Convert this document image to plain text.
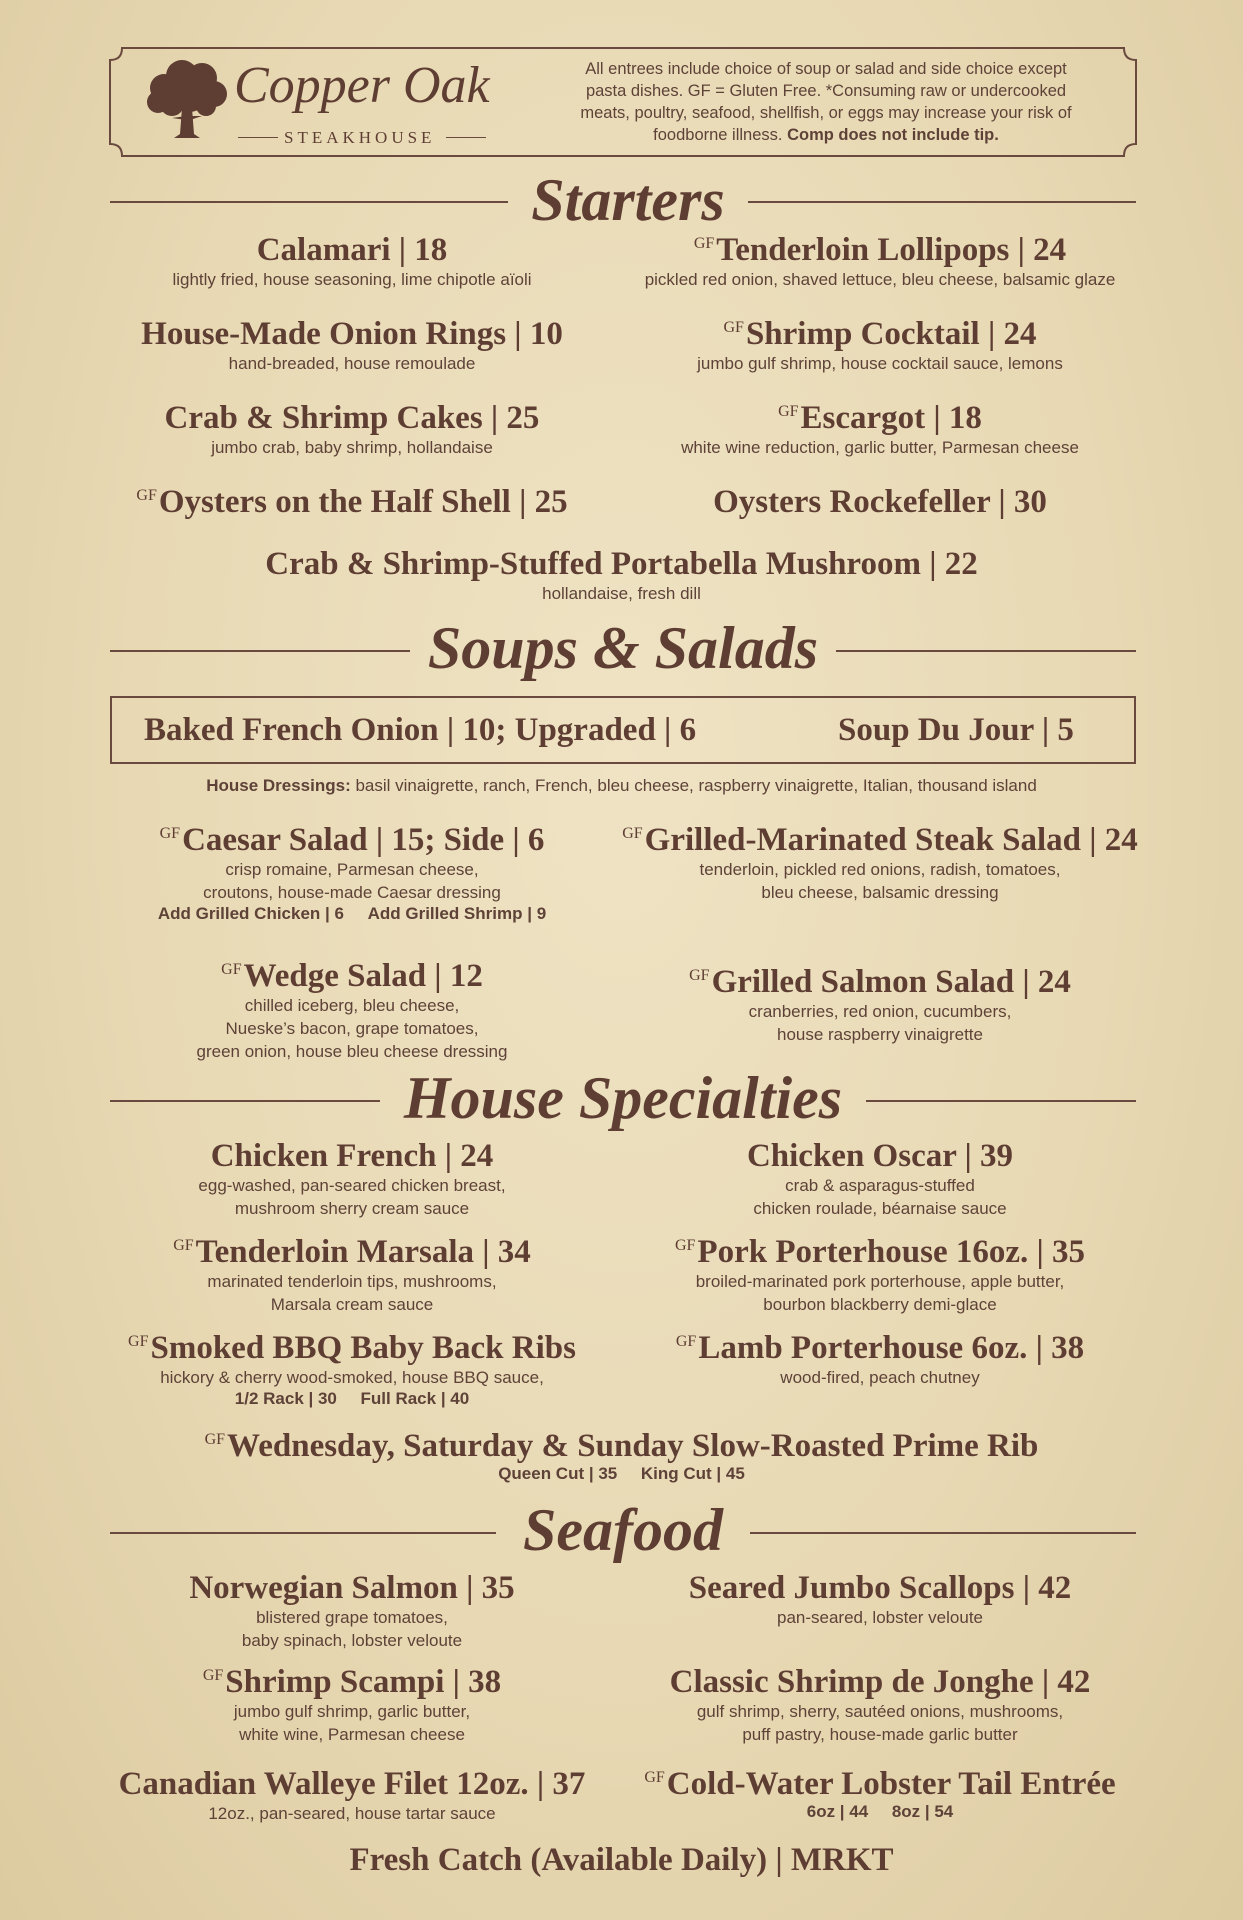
Copper Oak
STEAKHOUSE
All entrees include choice of soup or salad and side choice except
pasta dishes. GF = Gluten Free. *Consuming raw or undercooked
meats, poultry, seafood, shellfish, or eggs may increase your risk of
foodborne illness. Comp does not include tip.
Starters
Calamari | 18
lightly fried, house seasoning, lime chipotle aïoli
House-Made Onion Rings | 10
hand-breaded, house remoulade
Crab & Shrimp Cakes | 25
jumbo crab, baby shrimp, hollandaise
$^{GF}$Oysters on the Half Shell | 25
$^{GF}$Tenderloin Lollipops | 24
pickled red onion, shaved lettuce, bleu cheese, balsamic glaze
$^{GF}$Shrimp Cocktail | 24
jumbo gulf shrimp, house cocktail sauce, lemons
$^{GF}$Escargot | 18
white wine reduction, garlic butter, Parmesan cheese
Oysters Rockefeller | 30
Crab & Shrimp-Stuffed Portabella Mushroom | 22
hollandaise, fresh dill
Soups & Salads
Baked French Onion | 10; Upgraded | 6	Soup Du Jour | 5
House Dressings: basil vinaigrette, ranch, French, bleu cheese, raspberry vinaigrette, Italian, thousand island
$^{GF}$Caesar Salad | 15; Side | 6
crisp romaine, Parmesan cheese,
croutons, house-made Caesar dressing
Add Grilled Chicken | 6 Add Grilled Shrimp | 9
$^{GF}$Wedge Salad | 12
chilled iceberg, bleu cheese,
Nueske’s bacon, grape tomatoes,
green onion, house bleu cheese dressing
$^{GF}$Grilled-Marinated Steak Salad | 24
tenderloin, pickled red onions, radish, tomatoes,
bleu cheese, balsamic dressing
$^{GF}$Grilled Salmon Salad | 24
cranberries, red onion, cucumbers,
house raspberry vinaigrette
House Specialties
Chicken French | 24
egg-washed, pan-seared chicken breast,
mushroom sherry cream sauce
$^{GF}$Tenderloin Marsala | 34
marinated tenderloin tips, mushrooms,
Marsala cream sauce
$^{GF}$Smoked BBQ Baby Back Ribs
hickory & cherry wood-smoked, house BBQ sauce,
1/2 Rack | 30 Full Rack | 40
Chicken Oscar | 39
crab & asparagus-stuffed
chicken roulade, béarnaise sauce
$^{GF}$Pork Porterhouse 16oz. | 35
broiled-marinated pork porterhouse, apple butter,
bourbon blackberry demi-glace
$^{GF}$Lamb Porterhouse 6oz. | 38
wood-fired, peach chutney
$^{GF}$Wednesday, Saturday & Sunday Slow-Roasted Prime Rib
Queen Cut | 35 King Cut | 45
Seafood
Norwegian Salmon | 35
blistered grape tomatoes,
baby spinach, lobster veloute
$^{GF}$Shrimp Scampi | 38
jumbo gulf shrimp, garlic butter,
white wine, Parmesan cheese
Canadian Walleye Filet 12oz. | 37
12oz., pan-seared, house tartar sauce
Seared Jumbo Scallops | 42
pan-seared, lobster veloute
Classic Shrimp de Jonghe | 42
gulf shrimp, sherry, sautéed onions, mushrooms,
puff pastry, house-made garlic butter
$^{GF}$Cold-Water Lobster Tail Entrée
6oz | 44 8oz | 54
Fresh Catch (Available Daily) | MRKT
